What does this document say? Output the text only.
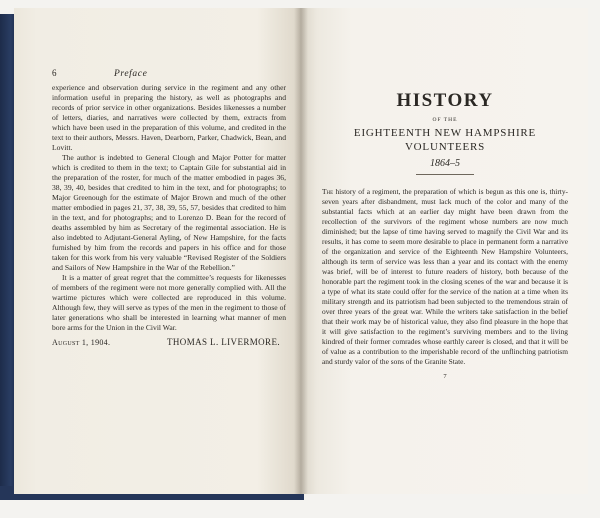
6	Preface

experience and observation during service in the regiment and any other information useful in preparing the history, as well as photographs and records of prior service in other organizations. Besides likenesses a number of letters, diaries, and narratives were collected by them, extracts from which have been used in the preparation of this volume, and credited in the text to their authors, Messrs. Haven, Dearborn, Parker, Chadwick, Bean, and Lovitt.

The author is indebted to General Clough and Major Potter for matter which is credited to them in the text; to Captain Gile for substantial aid in the preparation of the roster, for much of the matter embodied in pages 36, 38, 39, 40, besides that credited to him in the text, and for photographs; to Major Greenough for the estimate of Major Brown and much of the other matter embodied in pages 21, 37, 38, 39, 55, 57, besides that credited to him in the text, and for photographs; and to Lorenzo D. Bean for the record of deaths assembled by him as Secretary of the regimental association. He is also indebted to Adjutant-General Ayling, of New Hampshire, for the facts furnished by him from the records and papers in his office and for those taken for this work from his very valuable “Revised Register of the Soldiers and Sailors of New Hampshire in the War of the Rebellion.”

It is a matter of great regret that the committee’s requests for likenesses of members of the regiment were not more generally complied with. All the wartime pictures which were collected are reproduced in this volume. Although few, they will serve as types of the men in the regiment to those of later generations who shall be interested in learning what manner of men bore arms for the Union in the Civil War.

August 1, 1904.	THOMAS L. LIVERMORE.
HISTORY
OF THE
EIGHTEENTH NEW HAMPSHIRE
VOLUNTEERS
1864–5

The history of a regiment, the preparation of which is begun as this one is, thirty-seven years after disbandment, must lack much of the color and many of the substantial facts which at an earlier day might have been drawn from the recollection of the survivors of the regiment whose numbers are now much diminished; but the lapse of time having served to magnify the Civil War and its results, it has come to seem more desirable to place in permanent form a narrative of the organization and service of the Eighteenth New Hampshire Volunteers, although its term of service was less than a year and its contact with the enemy was brief, will be of interest to future readers of history, both because of the honorable part the regiment took in the closing scenes of the war and because it is a type of what its state could offer for the service of the nation at a time when its military strength and its patriotism had been subjected to the tremendous strain of over three years of the great war. While the writers take satisfaction in the belief that their work may be of historical value, they also find pleasure in the hope that it will give satisfaction to the regiment’s surviving members and to the living kindred of their former comrades whose earthly career is closed, and that it will be of value as a contribution to the imperishable record of the unflinching patriotism and sturdy valor of the sons of the Granite State.

7
